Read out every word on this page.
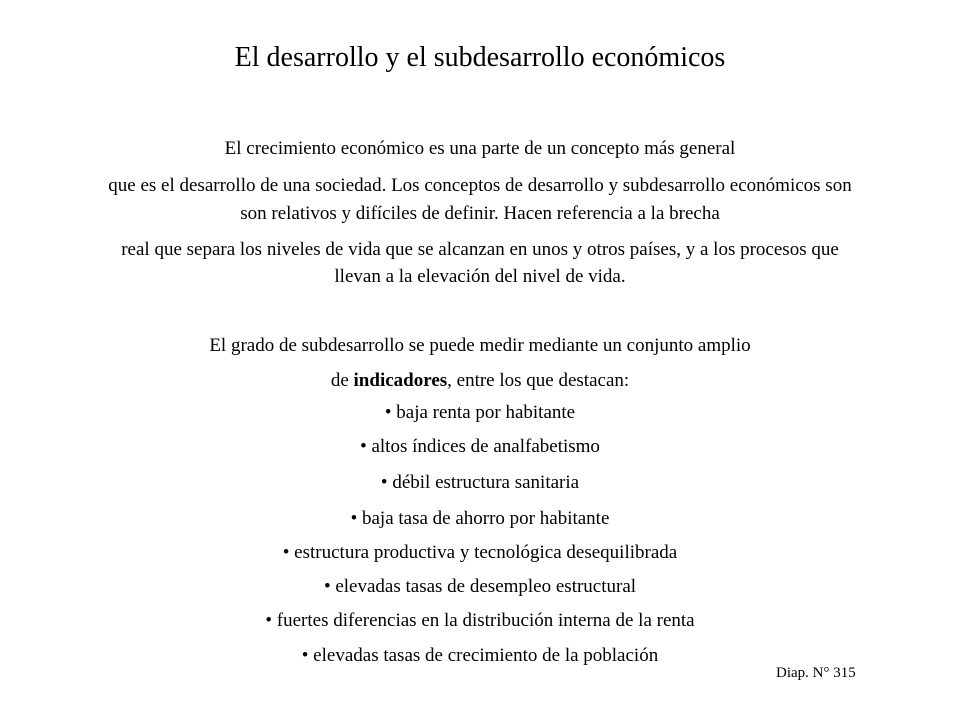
El desarrollo y el subdesarrollo económicos
El crecimiento económico es una parte de un concepto más general
que es el desarrollo de una sociedad. Los conceptos de desarrollo y subdesarrollo económicos son
son relativos y difíciles de definir. Hacen referencia a la brecha
real que separa los niveles de vida que se alcanzan en unos y otros países, y a los procesos que
llevan a la elevación del nivel de vida.
El grado de subdesarrollo se puede medir mediante un conjunto amplio
de indicadores, entre los que destacan:
• baja renta por habitante
• altos índices de analfabetismo
• débil estructura sanitaria
• baja tasa de ahorro por habitante
• estructura productiva y tecnológica desequilibrada
• elevadas tasas de desempleo estructural
• fuertes diferencias en la distribución interna de la renta
• elevadas tasas de crecimiento de la población
Diap. N° 315
